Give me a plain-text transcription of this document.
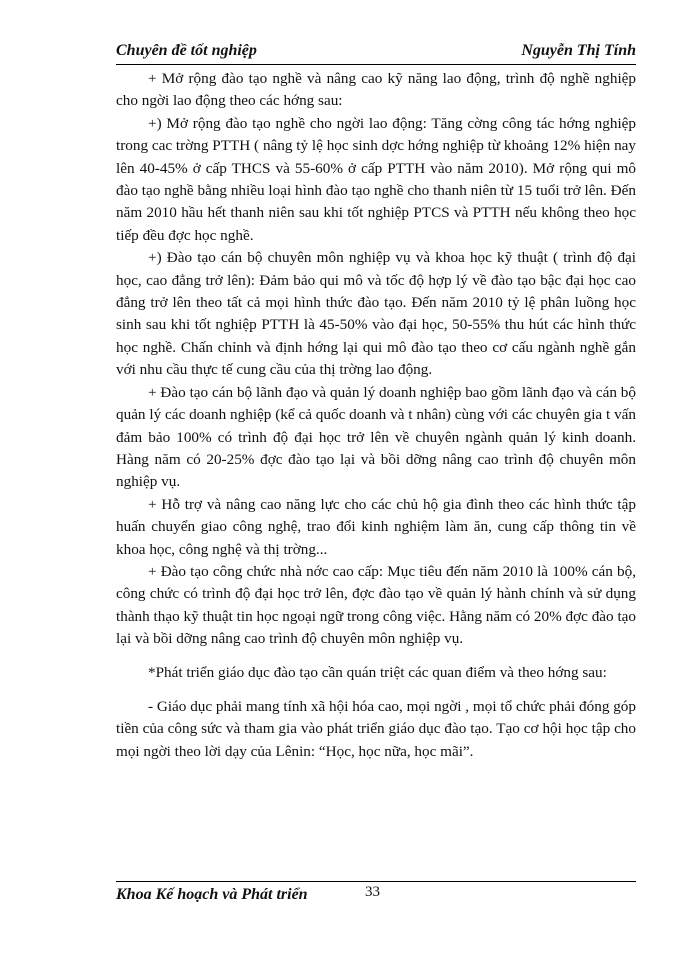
Chuyên đề tốt nghiệp	Nguyễn Thị Tính

+ Mở rộng đào tạo nghề và nâng cao kỹ năng lao động, trình độ nghề nghiệp cho ngời lao động theo các hớng sau:

+) Mở rộng đào tạo nghề cho ngời lao động: Tăng cờng công tác hớng nghiệp trong cac trờng PTTH ( nâng tỷ lệ học sinh dợc hớng nghiệp từ khoảng 12% hiện nay lên 40-45% ở cấp THCS và 55-60% ở cấp PTTH vào năm 2010). Mở rộng qui mô đào tạo nghề bằng nhiều loại hình đào tạo nghề cho thanh niên từ 15 tuổi trở lên. Đến năm 2010 hầu hết thanh niên sau khi tốt nghiệp PTCS và PTTH nếu không theo học tiếp đều đợc học nghề.

+) Đào tạo cán bộ chuyên môn nghiệp vụ và khoa học kỹ thuật ( trình độ đại học, cao đẳng trở lên): Đảm bảo qui mô và tốc độ hợp lý về đào tạo bậc đại học cao đẳng trở lên theo tất cả mọi hình thức đào tạo. Đến năm 2010 tỷ lệ phân luồng học sinh sau khi tốt nghiệp PTTH là 45-50% vào đại học, 50-55% thu hút các hình thức học nghề. Chấn chỉnh và định hớng lại qui mô đào tạo theo cơ cấu ngành nghề gắn với nhu cầu thực tế cung cầu của thị trờng lao động.

+ Đào tạo cán bộ lãnh đạo và quản lý doanh nghiệp bao gồm lãnh đạo và cán bộ quản lý các doanh nghiệp (kể cả quốc doanh và t nhân) cùng với các chuyên gia t vấn đảm bảo 100% có trình độ đại học trở lên về chuyên ngành quản lý kinh doanh. Hàng năm có 20-25% đợc đào tạo lại và bồi dỡng nâng cao trình độ chuyên môn nghiệp vụ.

+ Hỗ trợ và nâng cao năng lực cho các chủ hộ gia đình theo các hình thức tập huấn chuyển giao công nghệ, trao đổi kinh nghiệm làm ăn, cung cấp thông tin về khoa học, công nghệ và thị trờng...

+ Đào tạo công chức nhà nớc cao cấp: Mục tiêu đến năm 2010 là 100% cán bộ, công chức có trình độ đại học trở lên, đợc đào tạo về quản lý hành chính và sử dụng thành thạo kỹ thuật tin học ngoại ngữ trong công việc. Hằng năm có 20% đợc đào tạo lại và bồi dỡng nâng cao trình độ chuyên môn nghiệp vụ.

*Phát triển giáo dục đào tạo cần quán triệt các quan điểm và theo hớng sau:

- Giáo dục phải mang tính xã hội hóa cao, mọi ngời , mọi tổ chức phải đóng góp tiền của công sức và tham gia vào phát triển giáo dục đào tạo. Tạo cơ hội học tập cho mọi ngời theo lời dạy của Lênin: “Học, học nữa, học mãi”.

Khoa Kế hoạch và Phát triển	33
